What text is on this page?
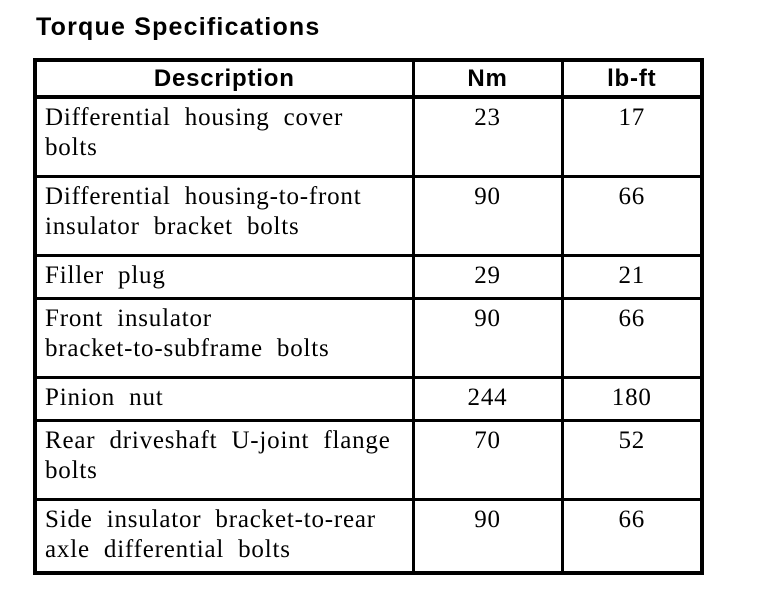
Torque Specifications
Description	Nm	lb-ft

Differential housing cover
bolts	23	17

Differential housing-to-front
insulator bracket bolts	90	66

Filler plug	29	21

Front insulator
bracket-to-subframe bolts	90	66

Pinion nut	244	180

Rear driveshaft U-joint flange
bolts	70	52

Side insulator bracket-to-rear
axle differential bolts	90	66
